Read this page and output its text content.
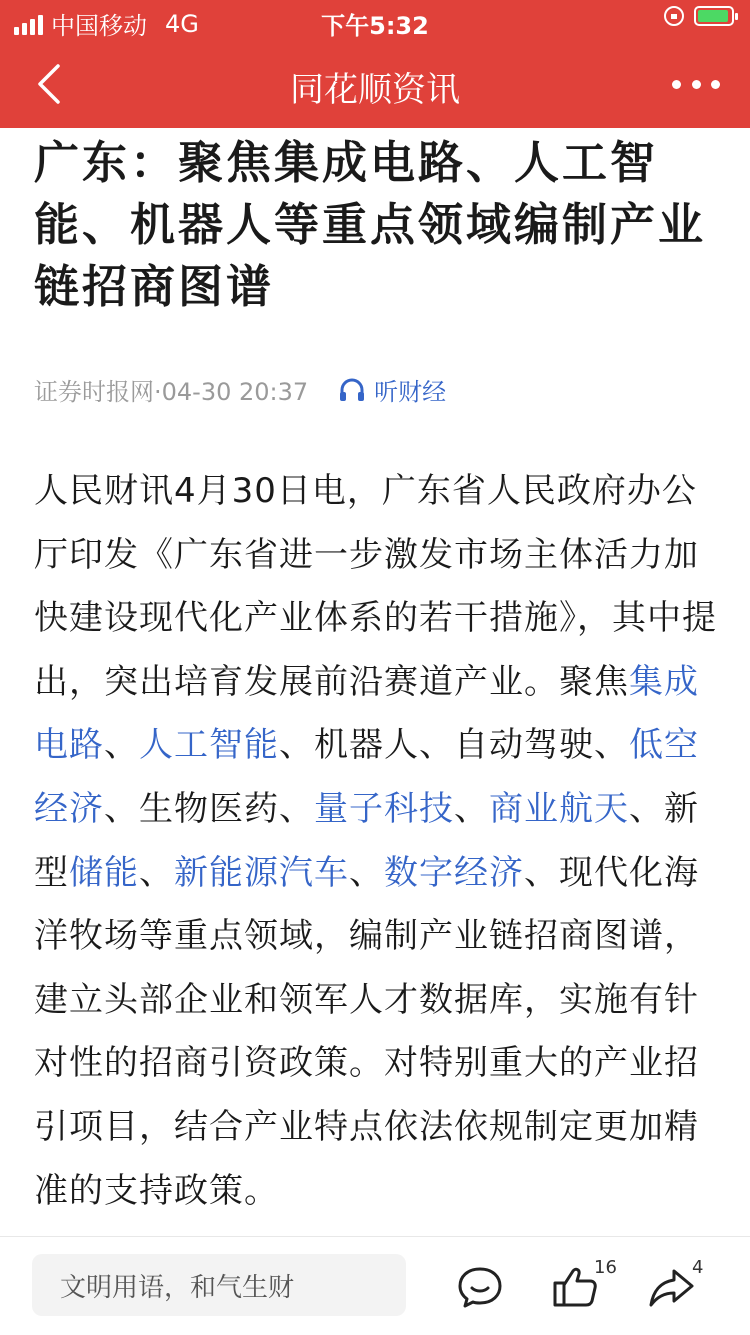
中国移动 4G	下午5:32
同花顺资讯
广东：聚焦集成电路、人工智能、机器人等重点领域编制产业链招商图谱
证券时报网·04-30 20:37	听财经
人民财讯4月30日电，广东省人民政府办公厅印发《广东省进一步激发市场主体活力加快建设现代化产业体系的若干措施》，其中提出，突出培育发展前沿赛道产业。聚焦集成电路、人工智能、机器人、自动驾驶、低空经济、生物医药、量子科技、商业航天、新型储能、新能源汽车、数字经济、现代化海洋牧场等重点领域，编制产业链招商图谱，建立头部企业和领军人才数据库，实施有针对性的招商引资政策。对特别重大的产业招引项目，结合产业特点依法依规制定更加精准的支持政策。
文明用语，和气生财
16	4
